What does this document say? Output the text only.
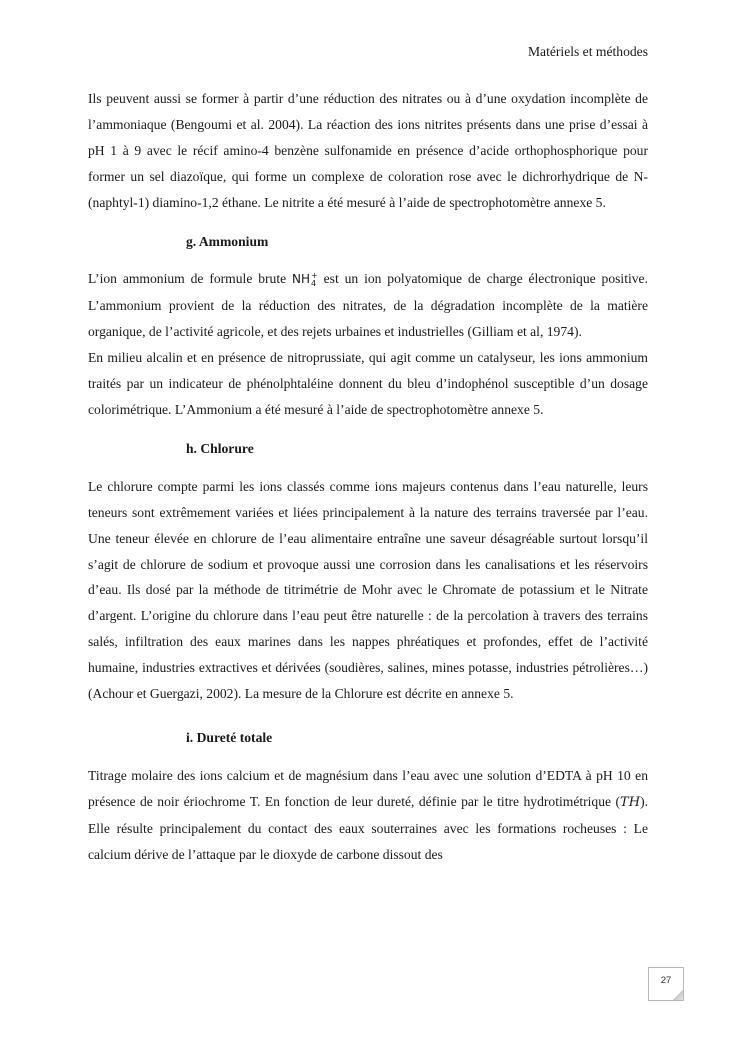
Matériels et méthodes

Ils peuvent aussi se former à partir d’une réduction des nitrates ou à d’une oxydation incomplète de l’ammoniaque (Bengoumi et al. 2004). La réaction des ions nitrites présents dans une prise d’essai à pH 1 à 9 avec le récif amino-4 benzène sulfonamide en présence d’acide orthophosphorique pour former un sel diazoïque, qui forme un complexe de coloration rose avec le dichrorhydrique de N-(naphtyl-1) diamino-1,2 éthane. Le nitrite a été mesuré à l’aide de spectrophotomètre annexe 5.

g. Ammonium

L’ion ammonium de formule brute NH +
4 est un ion polyatomique de charge électronique positive. L’ammonium provient de la réduction des nitrates, de la dégradation incomplète de la matière organique, de l’activité agricole, et des rejets urbaines et industrielles (Gilliam et al, 1974).

En milieu alcalin et en présence de nitroprussiate, qui agit comme un catalyseur, les ions ammonium traités par un indicateur de phénolphtaléine donnent du bleu d’indophénol susceptible d’un dosage colorimétrique. L’Ammonium a été mesuré à l’aide de spectrophotomètre annexe 5.

h. Chlorure

Le chlorure compte parmi les ions classés comme ions majeurs contenus dans l’eau naturelle, leurs teneurs sont extrêmement variées et liées principalement à la nature des terrains traversée par l’eau. Une teneur élevée en chlorure de l’eau alimentaire entraîne une saveur désagréable surtout lorsqu’il s’agit de chlorure de sodium et provoque aussi une corrosion dans les canalisations et les réservoirs d’eau. Ils dosé par la méthode de titrimétrie de Mohr avec le Chromate de potassium et le Nitrate d’argent. L’origine du chlorure dans l’eau peut être naturelle : de la percolation à travers des terrains salés, infiltration des eaux marines dans les nappes phréatiques et profondes, effet de l’activité humaine, industries extractives et dérivées (soudières, salines, mines potasse, industries pétrolières…) (Achour et Guergazi, 2002). La mesure de la Chlorure est décrite en annexe 5.

i. Dureté totale

Titrage molaire des ions calcium et de magnésium dans l’eau avec une solution d’EDTA à pH 10 en présence de noir ériochrome T. En fonction de leur dureté, définie par le titre hydrotimétrique (TH). Elle résulte principalement du contact des eaux souterraines avec les formations rocheuses : Le calcium dérive de l’attaque par le dioxyde de carbone dissout des

27
